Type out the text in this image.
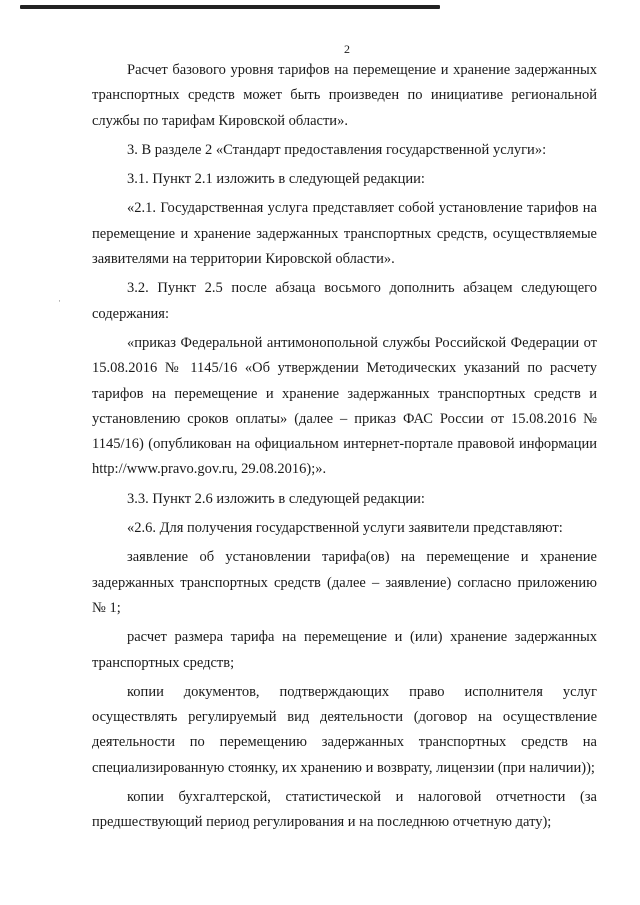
2
·

Расчет базового уровня тарифов на перемещение и хранение задержанных транспортных средств может быть произведен по инициативе региональной службы по тарифам Кировской области».

3. В разделе 2 «Стандарт предоставления государственной услуги»:

3.1. Пункт 2.1 изложить в следующей редакции:

«2.1. Государственная услуга представляет собой установление тарифов на перемещение и хранение задержанных транспортных средств, осуществляемые заявителями на территории Кировской области».

3.2. Пункт 2.5 после абзаца восьмого дополнить абзацем следующего содержания:

«приказ Федеральной антимонопольной службы Российской Федерации от 15.08.2016 № 1145/16 «Об утверждении Методических указаний по расчету тарифов на перемещение и хранение задержанных транспортных средств и установлению сроков оплаты» (далее – приказ ФАС России от 15.08.2016 № 1145/16) (опубликован на официальном интернет-портале правовой информации http://www.pravo.gov.ru, 29.08.2016);».

3.3. Пункт 2.6 изложить в следующей редакции:

«2.6. Для получения государственной услуги заявители представляют:

заявление об установлении тарифа(ов) на перемещение и хранение задержанных транспортных средств (далее – заявление) согласно приложению № 1;

расчет размера тарифа на перемещение и (или) хранение задержанных транспортных средств;

копии документов, подтверждающих право исполнителя услуг осуществлять регулируемый вид деятельности (договор на осуществление деятельности по перемещению задержанных транспортных средств на специализированную стоянку, их хранению и возврату, лицензии (при наличии));

копии бухгалтерской, статистической и налоговой отчетности (за предшествующий период регулирования и на последнюю отчетную дату);
